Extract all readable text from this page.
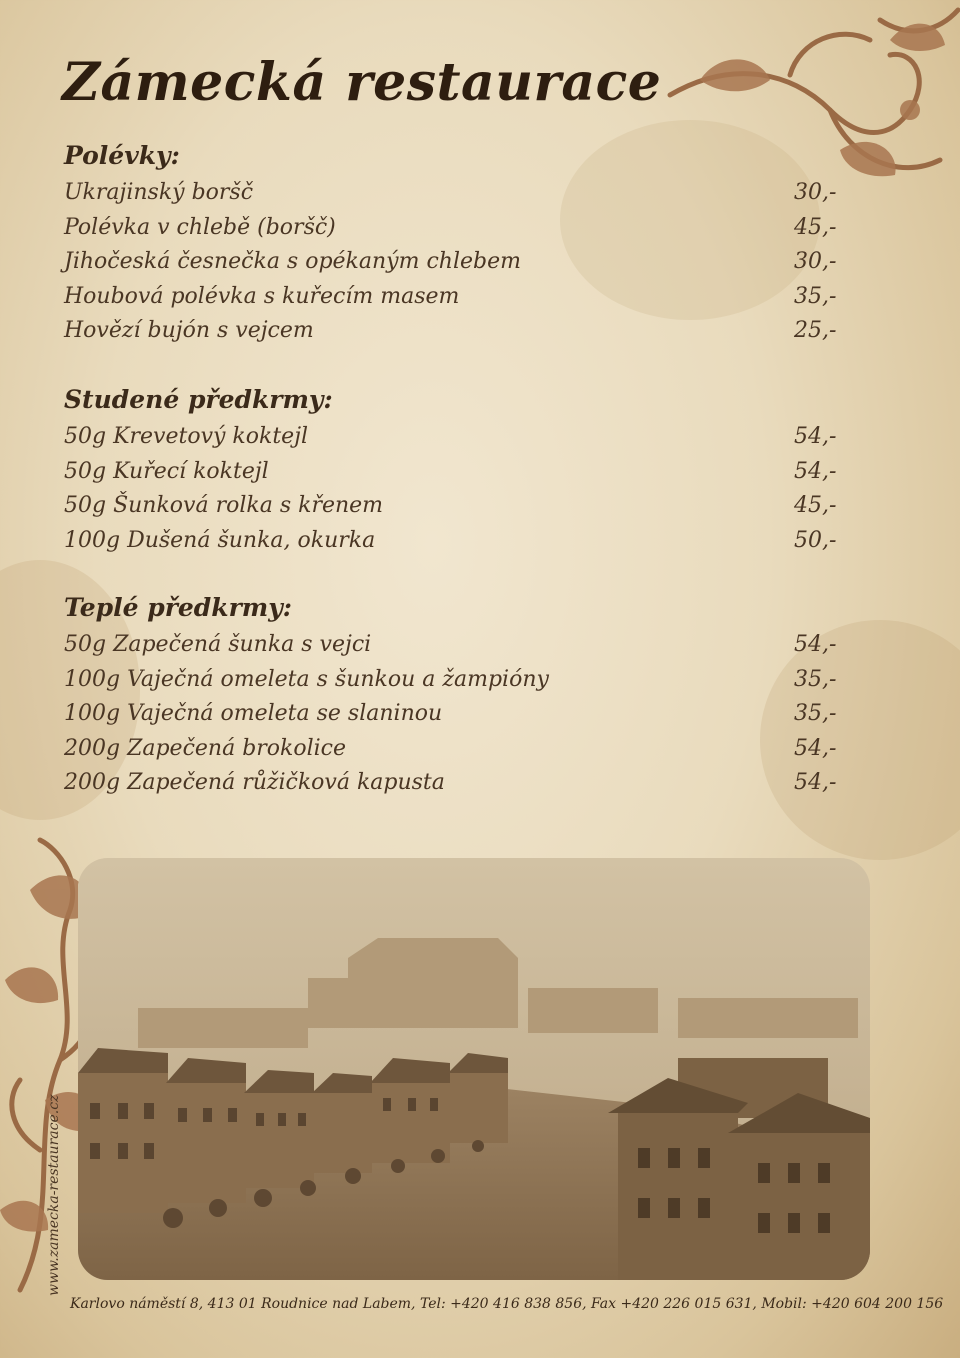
Zámecká restaurace
Polévky:
Ukrajinský boršč	30,-
Polévka v chlebě (boršč)	45,-
Jihočeská česnečka s opékaným chlebem	30,-
Houbová polévka s kuřecím masem	35,-
Hovězí bujón s vejcem	25,-
Studené předkrmy:
50g Krevetový koktejl	54,-
50g Kuřecí koktejl	54,-
50g Šunková rolka s křenem	45,-
100g Dušená šunka, okurka	50,-
Teplé předkrmy:
50g Zapečená šunka s vejci	54,-
100g Vaječná omeleta s šunkou a žampióny	35,-
100g Vaječná omeleta se slaninou	35,-
200g Zapečená brokolice	54,-
200g Zapečená růžičková kapusta	54,-
www.zamecka-restaurace.cz
Karlovo náměstí 8, 413 01 Roudnice nad Labem, Tel: +420 416 838 856, Fax +420 226 015 631, Mobil: +420 604 200 156
